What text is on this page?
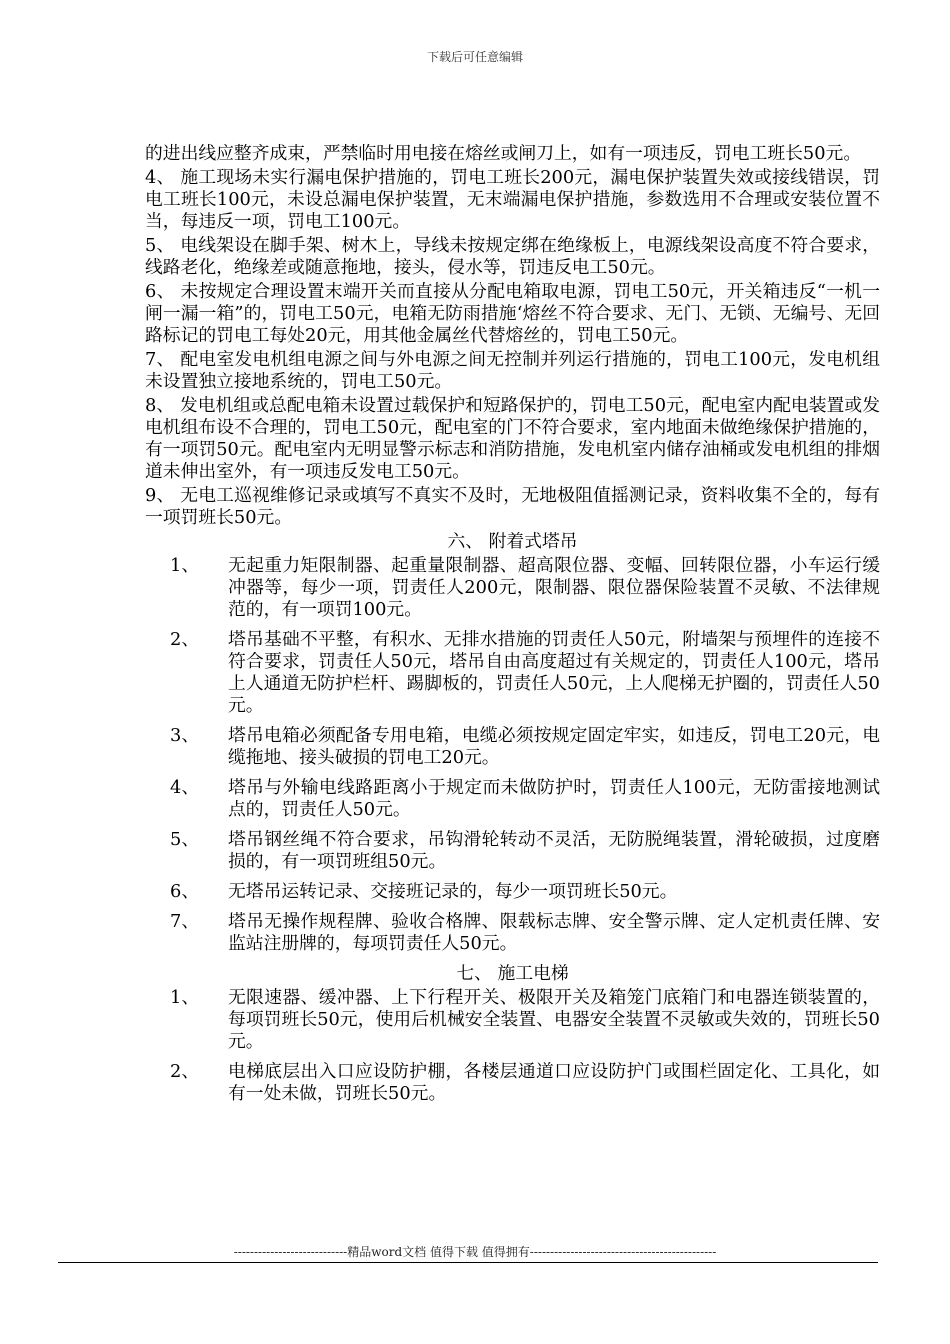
下载后可任意编辑

的进出线应整齐成束，严禁临时用电接在熔丝或闸刀上，如有一项违反，罚电工班长50元。

4、 施工现场未实行漏电保护措施的，罚电工班长200元，漏电保护装置失效或接线错误，罚电工班长100元，未设总漏电保护装置，无末端漏电保护措施，参数选用不合理或安装位置不当，每违反一项，罚电工100元。

5、 电线架设在脚手架、树木上，导线未按规定绑在绝缘板上，电源线架设高度不符合要求，线路老化，绝缘差或随意拖地，接头，侵水等，罚违反电工50元。

6、 未按规定合理设置末端开关而直接从分配电箱取电源，罚电工50元，开关箱违反“一机一闸一漏一箱”的，罚电工50元，电箱无防雨措施‘熔丝不符合要求、无门、无锁、无编号、无回路标记的罚电工每处20元，用其他金属丝代替熔丝的，罚电工50元。

7、 配电室发电机组电源之间与外电源之间无控制并列运行措施的，罚电工100元，发电机组未设置独立接地系统的，罚电工50元。

8、 发电机组或总配电箱未设置过载保护和短路保护的，罚电工50元，配电室内配电装置或发电机组布设不合理的，罚电工50元，配电室的门不符合要求，室内地面未做绝缘保护措施的，有一项罚50元。配电室内无明显警示标志和消防措施，发电机室内储存油桶或发电机组的排烟道未伸出室外，有一项违反发电工50元。

9、 无电工巡视维修记录或填写不真实不及时，无地极阻值摇测记录，资料收集不全的，每有一项罚班长50元。

六、 附着式塔吊
1、	无起重力矩限制器、起重量限制器、超高限位器、变幅、回转限位器，小车运行缓冲器等，每少一项，罚责任人200元，限制器、限位器保险装置不灵敏、不法律规范的，有一项罚100元。
2、	塔吊基础不平整，有积水、无排水措施的罚责任人50元，附墙架与预埋件的连接不符合要求，罚责任人50元，塔吊自由高度超过有关规定的，罚责任人100元，塔吊上人通道无防护栏杆、踢脚板的，罚责任人50元，上人爬梯无护圈的，罚责任人50元。
3、	塔吊电箱必须配备专用电箱，电缆必须按规定固定牢实，如违反，罚电工20元，电缆拖地、接头破损的罚电工20元。
4、	塔吊与外输电线路距离小于规定而未做防护时，罚责任人100元，无防雷接地测试点的，罚责任人50元。
5、	塔吊钢丝绳不符合要求，吊钩滑轮转动不灵活，无防脱绳装置，滑轮破损，过度磨损的，有一项罚班组50元。
6、	无塔吊运转记录、交接班记录的，每少一项罚班长50元。
7、	塔吊无操作规程牌、验收合格牌、限载标志牌、安全警示牌、定人定机责任牌、安监站注册牌的，每项罚责任人50元。
七、 施工电梯
1、	无限速器、缓冲器、上下行程开关、极限开关及箱笼门底箱门和电器连锁装置的，每项罚班长50元，使用后机械安全装置、电器安全装置不灵敏或失效的，罚班长50元。
2、	电梯底层出入口应设防护棚，各楼层通道口应设防护门或围栏固定化、工具化，如有一处未做，罚班长50元。
----------------------------精品word文档 值得下载 值得拥有----------------------------------------------
